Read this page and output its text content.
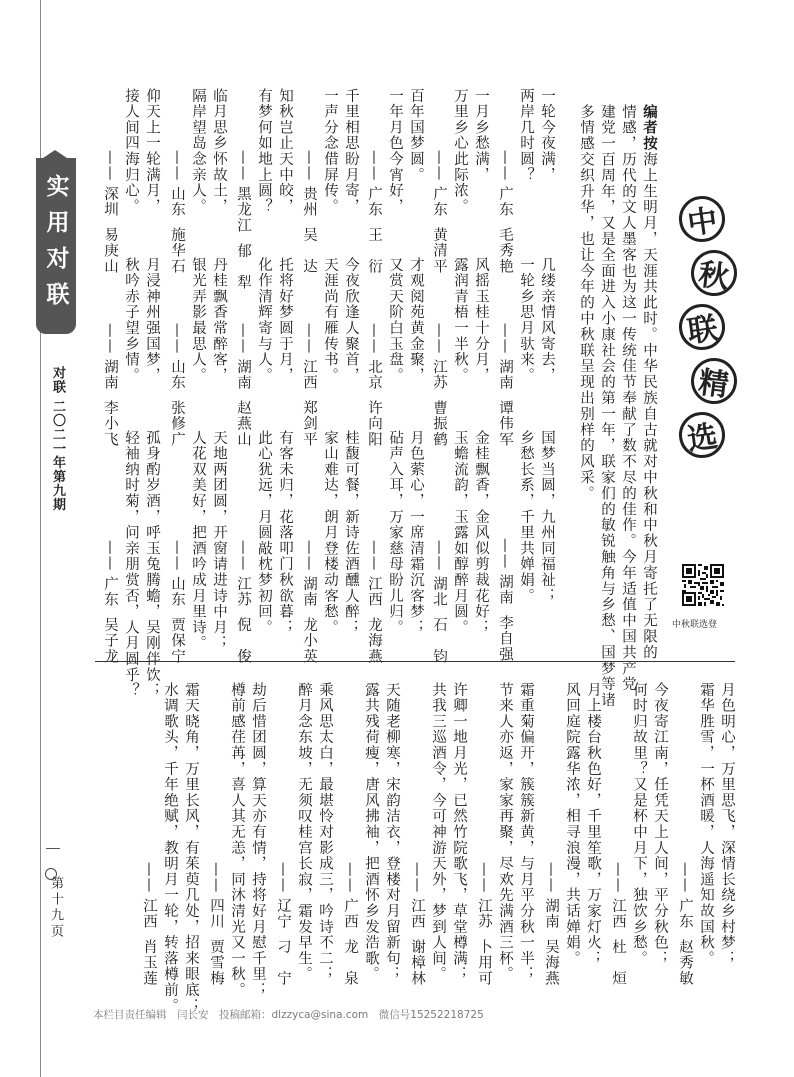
实用对联
对联 二〇二一年第九期
第十九页
中
秋
联
精
选
编者按海上生明月，天涯共此时。中华民族自古就对中秋和中秋月寄托了无限的
情感，历代的文人墨客也为这一传统佳节奉献了数不尽的佳作。今年适值中国共产党
建党一百周年，又是全面进入小康社会的第一年，联家们的敏锐触角与乡愁、国梦等诸
多情感交织升华，也让今年的中秋联呈现出别样的风采。
中秋联选登
一轮今夜满，
两岸几时圆？
——广东毛秀艳
一月乡愁满，
万里乡心此际浓。
——广东黄清平
百年国梦圆。
一年月色今宵好，
——广东王　衍
千里相思盼月寄，
一声分念借屏传。
——贵州吴　达
知秋岂止天中皎，
有梦何如地上圆？
——黑龙江郁　犁
临月思乡怀故土，
隔岸望岛念亲人。
——山东施华石
仰天上一轮满月，
接人间四海归心。
——深圳易庚山
几缕亲情风寄去，
一轮乡思月驮来。
——湖南谭伟军
风摇玉桂十分月，
露润青梧一半秋。
——江苏曹振鹤
才观阅苑黄金聚，
又赏天阶白玉盘。
——北京许向阳
今夜欣逢人聚首，
天涯尚有雁传书。
——江西郑剑平
托将好梦圆于月，
化作清辉寄与人。
——湖南赵燕山
丹桂飘香常醉客，
银光弄影最思人。
——山东张修广
月浸神州强国梦，
秋吟赤子望乡情。
——湖南李小飞
国梦当圆，九州同福祉；
乡愁长系，千里共婵娟。
——湖南李自强
金桂飘香，金风似剪裁花好；
玉蟾流韵，玉露如醇醉月圆。
——湖北石　钧
月色萦心，一席清霜沉客梦；
砧声入耳，万家慈母盼儿归。
——江西龙海燕
桂馥可餐，新诗佐酒醺人醉；
家山难达，朗月登楼动客愁。
——湖南龙小英
有客未归，花落叩门秋欲暮；
此心犹远，月圆敲枕梦初回。
——江苏倪　俊
天地两团圆，开窗请进诗中月；
人花双美好，把酒吟成月里诗。
——山东贾保宁
孤身酌岁酒，呼玉兔腾蟾，吴刚伴饮；
轻袖纳时菊，问亲朋赏否，人月圆乎？
——广东吴子龙
月色明心，万里思飞，深情长绕乡村梦；
霜华胜雪，一杯酒暖，人海遥知故国秋。
——广东赵秀敏
今夜寄江南，任凭天上人间，平分秋色；
何时归故里？又是杯中月下，独饮乡愁。
——江西杜　烜
月上楼台秋色好，千里笙歌，万家灯火；
风回庭院露华浓，相寻浪漫，共话婵娟。
——湖南吴海燕
霜重菊偏开，簇簇新黄，与月平分秋一半；
节来人亦返，家家再聚，尽欢先满酒三杯。
——江苏卜用可
许卿一地月光，已然竹院歌飞，草堂樽满；
共我三巡酒令，今可神游天外，梦到人间。
——江西谢樟林
天随老柳寒，宋韵洁衣，登楼对月留新句；
露共残荷瘦，唐风拂袖，把酒怀乡发浩歌。
——广西龙　泉
乘风思太白，最堪怜对影成三，吟诗不二；
醉月念东坡，无须叹桂宫长寂，霜发早生。
——辽宁刁　宁
劫后惜团圆，算天亦有情，持将好月慰千里；
樽前感荏苒，喜人其无恙，同沐清光又一秋。
——四川贾雪梅
霜天晓角，万里长风，有茱萸几处，招来眼底；
水调歌头，千年绝赋，教明月一轮，转落樽前。
——江西肖玉莲
本栏目责任编辑　闫长安　投稿邮箱：dlzzyca@sina.com　微信号15252218725
